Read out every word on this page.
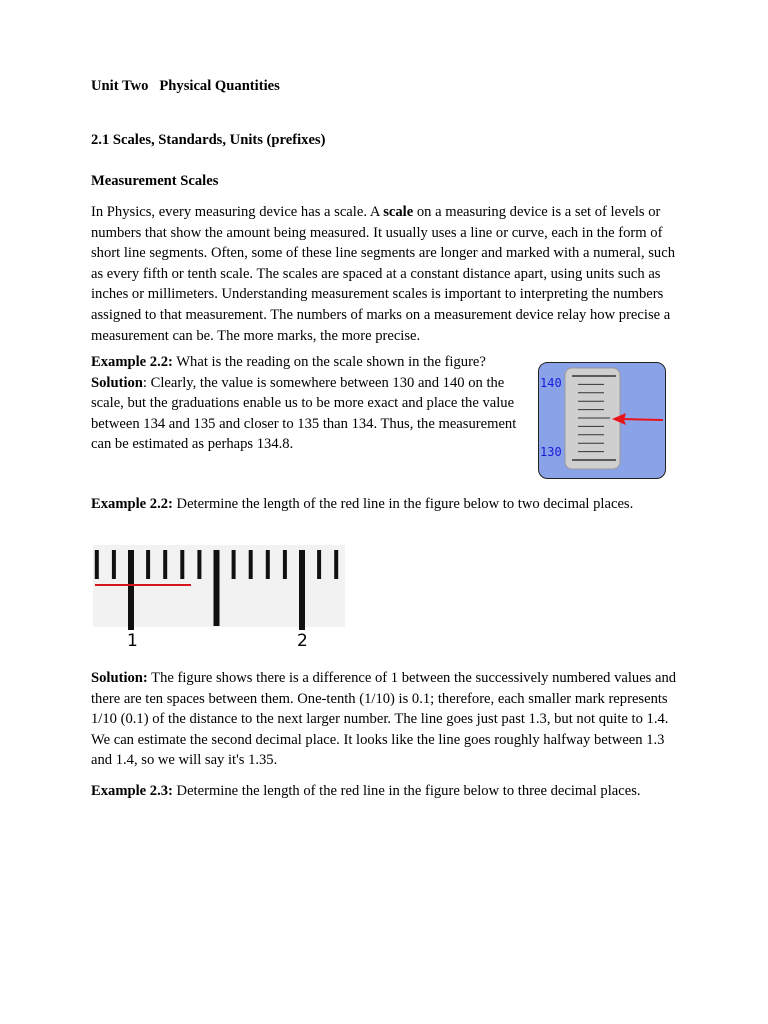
Unit Two   Physical Quantities
2.1 Scales, Standards, Units (prefixes)
Measurement Scales

In Physics, every measuring device has a scale. A scale on a measuring device is a set of levels or numbers that show the amount being measured. It usually uses a line or curve, each in the form of short line segments. Often, some of these line segments are longer and marked with a numeral, such as every fifth or tenth scale. The scales are spaced at a constant distance apart, using units such as inches or millimeters. Understanding measurement scales is important to interpreting the numbers assigned to that measurement. The numbers of marks on a measurement device relay how precise a measurement can be. The more marks, the more precise.

Example 2.2: What is the reading on the scale shown in the figure?
Solution: Clearly, the value is somewhere between 130 and 140 on the scale, but the graduations enable us to be more exact and place the value between 134 and 135 and closer to 135 than 134. Thus, the measurement can be estimated as perhaps 134.8.

Example 2.2: Determine the length of the red line in the figure below to two decimal places.

Solution: The figure shows there is a difference of 1 between the successively numbered values and there are ten spaces between them. One-tenth (1/10) is 0.1; therefore, each smaller mark represents 1/10 (0.1) of the distance to the next larger number. The line goes just past 1.3, but not quite to 1.4. We can estimate the second decimal place. It looks like the line goes roughly halfway between 1.3 and 1.4, so we will say it's 1.35.

Example 2.3: Determine the length of the red line in the figure below to three decimal places.

140
130
1	2
